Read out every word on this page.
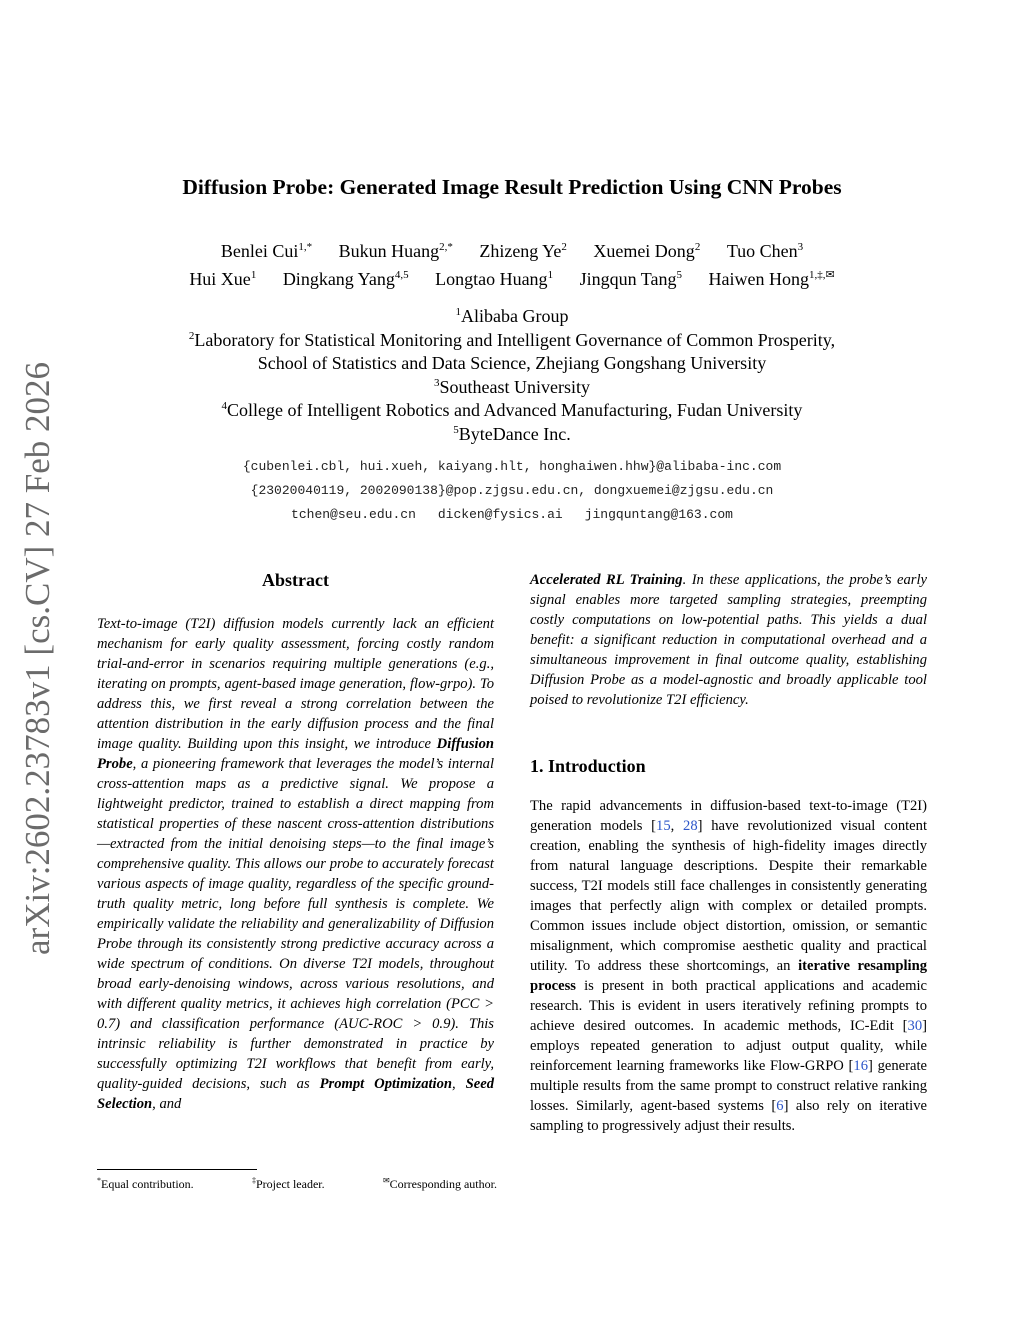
arXiv:2602.23783v1 [cs.CV] 27 Feb 2026
Diffusion Probe: Generated Image Result Prediction Using CNN Probes
Benlei Cui$^{1,*}$ Bukun Huang$^{2,*}$ Zhizeng Ye$^2$ Xuemei Dong$^2$ Tuo Chen$^3$
Hui Xue$^1$ Dingkang Yang$^{4,5}$ Longtao Huang$^1$ Jingqun Tang$^5$ Haiwen Hong$^{1,\ddagger,✉}$
$^1$Alibaba Group
$^2$Laboratory for Statistical Monitoring and Intelligent Governance of Common Prosperity,
School of Statistics and Data Science, Zhejiang Gongshang University
$^3$Southeast University
$^4$College of Intelligent Robotics and Advanced Manufacturing, Fudan University
$^5$ByteDance Inc.
{cubenlei.cbl, hui.xueh, kaiyang.hlt, honghaiwen.hhw}@alibaba-inc.com
{23020040119, 2002090138}@pop.zjgsu.edu.cn, dongxuemei@zjgsu.edu.cn
tchen@seu.edu.cn dicken@fysics.ai jingquntang@163.com
Abstract

Text-to-image (T2I) diffusion models currently lack an efficient mechanism for early quality assessment, forcing costly random trial-and-error in scenarios requiring multiple generations (e.g., iterating on prompts, agent-based image generation, flow-grpo). To address this, we first reveal a strong correlation between the attention distribution in the early diffusion process and the final image quality. Building upon this insight, we introduce Diffusion Probe, a pioneering framework that leverages the model’s internal cross-attention maps as a predictive signal. We propose a lightweight predictor, trained to establish a direct mapping from statistical properties of these nascent cross-attention distributions—extracted from the initial denoising steps—to the final image’s comprehensive quality. This allows our probe to accurately forecast various aspects of image quality, regardless of the specific ground-truth quality metric, long before full synthesis is complete. We empirically validate the reliability and generalizability of Diffusion Probe through its consistently strong predictive accuracy across a wide spectrum of conditions. On diverse T2I models, throughout broad early-denoising windows, across various resolutions, and with different quality metrics, it achieves high correlation (PCC > 0.7) and classification performance (AUC-ROC > 0.9). This intrinsic reliability is further demonstrated in practice by successfully optimizing T2I workflows that benefit from early, quality-guided decisions, such as Prompt Optimization, Seed Selection, and

Accelerated RL Training. In these applications, the probe’s early signal enables more targeted sampling strategies, preempting costly computations on low-potential paths. This yields a dual benefit: a significant reduction in computational overhead and a simultaneous improvement in final outcome quality, establishing Diffusion Probe as a model-agnostic and broadly applicable tool poised to revolutionize T2I efficiency.

1. Introduction

The rapid advancements in diffusion-based text-to-image (T2I) generation models [15, 28] have revolutionized visual content creation, enabling the synthesis of high-fidelity images directly from natural language descriptions. Despite their remarkable success, T2I models still face challenges in consistently generating images that perfectly align with complex or detailed prompts. Common issues include object distortion, omission, or semantic misalignment, which compromise aesthetic quality and practical utility. To address these shortcomings, an iterative resampling process is present in both practical applications and academic research. This is evident in users iteratively refining prompts to achieve desired outcomes. In academic methods, IC-Edit [30] employs repeated generation to adjust output quality, while reinforcement learning frameworks like Flow-GRPO [16] generate multiple results from the same prompt to construct relative ranking losses. Similarly, agent-based systems [6] also rely on iterative sampling to progressively adjust their results.

*Equal contribution.	‡Project leader.	✉Corresponding author.
